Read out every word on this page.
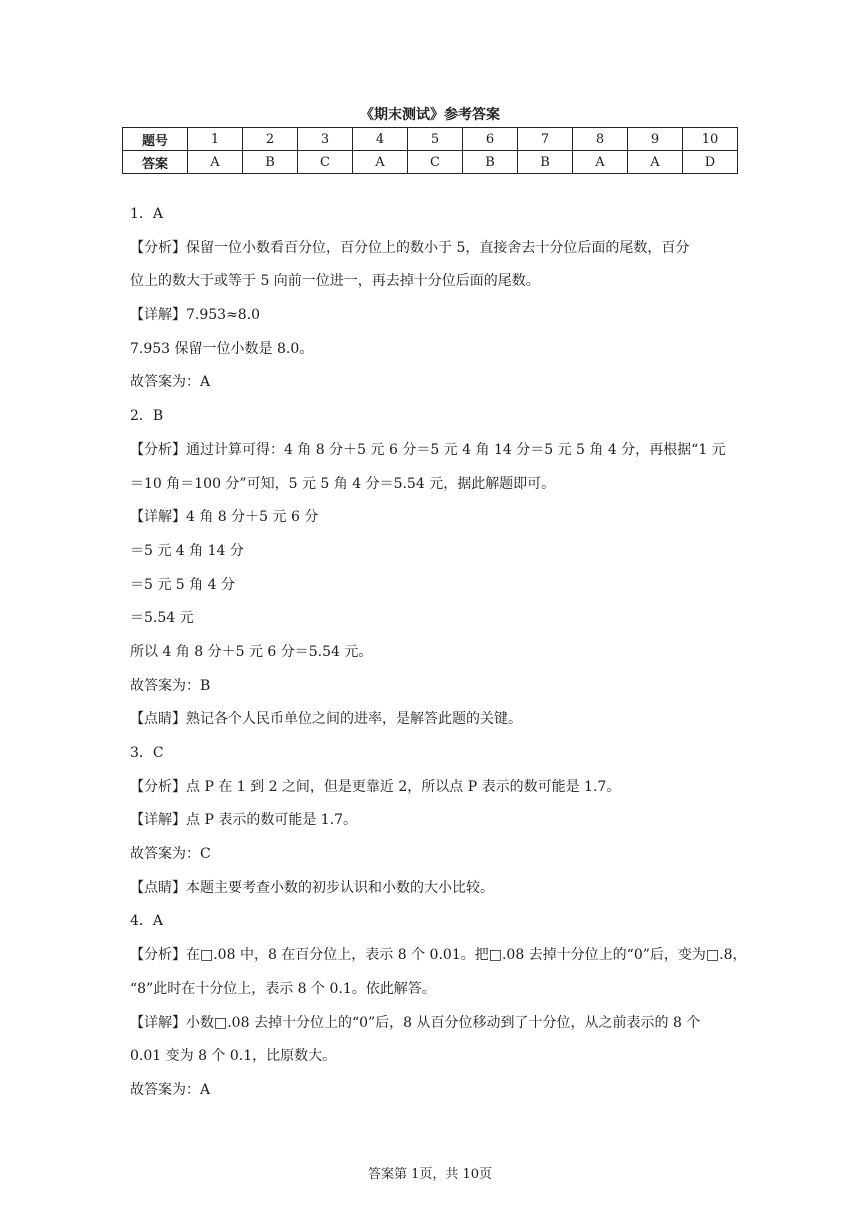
《期末测试》参考答案
题号	1	2	3	4	5	6	7	8	9	10
答案	A	B	C	A	C	B	B	A	A	D
1．A
【分析】保留一位小数看百分位，百分位上的数小于 5，直接舍去十分位后面的尾数，百分
位上的数大于或等于 5 向前一位进一，再去掉十分位后面的尾数。
【详解】7.953≈8.0
7.953 保留一位小数是 8.0。
故答案为：A
2．B
【分析】通过计算可得：4 角 8 分＋5 元 6 分＝5 元 4 角 14 分＝5 元 5 角 4 分，再根据“1 元
＝10 角＝100 分”可知，5 元 5 角 4 分＝5.54 元，据此解题即可。
【详解】4 角 8 分＋5 元 6 分
＝5 元 4 角 14 分
＝5 元 5 角 4 分
＝5.54 元
所以 4 角 8 分＋5 元 6 分＝5.54 元。
故答案为：B
【点睛】熟记各个人民币单位之间的进率，是解答此题的关键。
3．C
【分析】点 P 在 1 到 2 之间，但是更靠近 2，所以点 P 表示的数可能是 1.7。
【详解】点 P 表示的数可能是 1.7。
故答案为：C
【点睛】本题主要考查小数的初步认识和小数的大小比较。
4．A
【分析】在□.08 中，8 在百分位上，表示 8 个 0.01。把□.08 去掉十分位上的“0”后，变为□.8，
“8”此时在十分位上，表示 8 个 0.1。依此解答。
【详解】小数□.08 去掉十分位上的“0”后，8 从百分位移动到了十分位，从之前表示的 8 个
0.01 变为 8 个 0.1，比原数大。
故答案为：A
答案第 1页，共 10页
